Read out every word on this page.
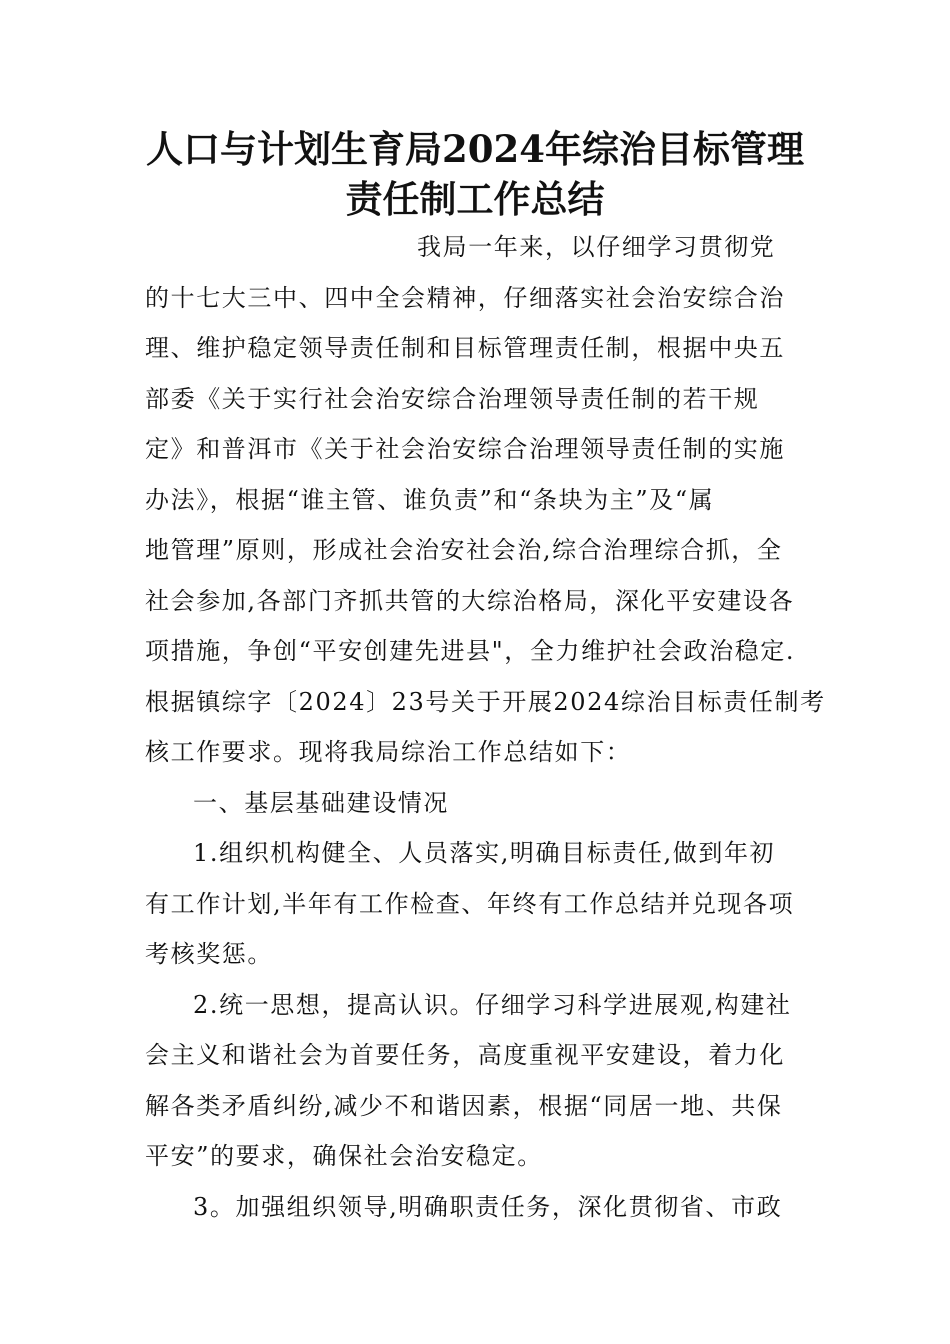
人口与计划生育局2024年综治目标管理
责任制工作总结
我局一年来，以仔细学习贯彻党
的十七大三中、四中全会精神，仔细落实社会治安综合治
理、维护稳定领导责任制和目标管理责任制，根据中央五
部委《关于实行社会治安综合治理领导责任制的若干规
定》和普洱市《关于社会治安综合治理领导责任制的实施
办法》，根据“谁主管、谁负责”和“条块为主”及“属
地管理”原则，形成社会治安社会治,综合治理综合抓，全
社会参加,各部门齐抓共管的大综治格局，深化平安建设各
项措施，争创“平安创建先进县"，全力维护社会政治稳定.
根据镇综字〔2024〕23号关于开展2024综治目标责任制考
核工作要求。现将我局综治工作总结如下：
一、基层基础建设情况
1.组织机构健全、人员落实,明确目标责任,做到年初
有工作计划,半年有工作检查、年终有工作总结并兑现各项
考核奖惩。
2.统一思想，提高认识。仔细学习科学进展观,构建社
会主义和谐社会为首要任务，高度重视平安建设，着力化
解各类矛盾纠纷,减少不和谐因素，根据“同居一地、共保
平安”的要求，确保社会治安稳定。
3。加强组织领导,明确职责任务，深化贯彻省、市政
